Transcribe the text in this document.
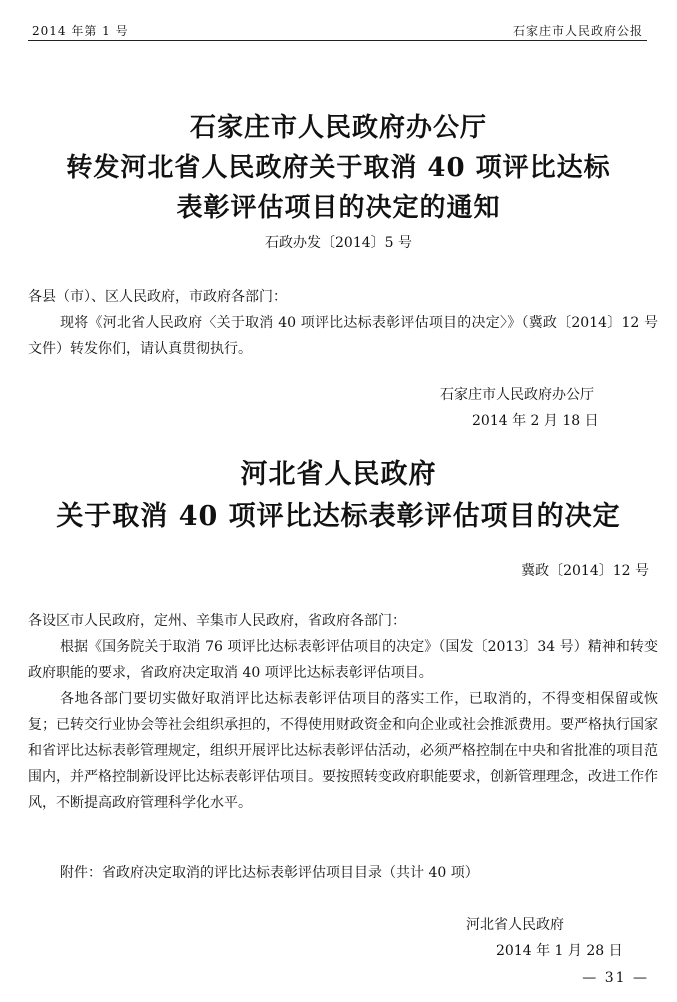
2014 年第 1 号	石家庄市人民政府公报
石家庄市人民政府办公厅
转发河北省人民政府关于取消 40 项评比达标
表彰评估项目的决定的通知
石政办发〔2014〕5 号
各县（市）、区人民政府，市政府各部门：
现将《河北省人民政府〈关于取消 40 项评比达标表彰评估项目的决定〉》（冀政〔2014〕12 号文件）转发你们，请认真贯彻执行。
石家庄市人民政府办公厅
2014 年 2 月 18 日
河北省人民政府
关于取消 40 项评比达标表彰评估项目的决定
冀政〔2014〕12 号
各设区市人民政府，定州、辛集市人民政府，省政府各部门：
根据《国务院关于取消 76 项评比达标表彰评估项目的决定》（国发〔2013〕34 号）精神和转变政府职能的要求，省政府决定取消 40 项评比达标表彰评估项目。
各地各部门要切实做好取消评比达标表彰评估项目的落实工作，已取消的，不得变相保留或恢复；已转交行业协会等社会组织承担的，不得使用财政资金和向企业或社会推派费用。要严格执行国家和省评比达标表彰管理规定，组织开展评比达标表彰评估活动，必须严格控制在中央和省批准的项目范围内，并严格控制新设评比达标表彰评估项目。要按照转变政府职能要求，创新管理理念，改进工作作风，不断提高政府管理科学化水平。
附件：省政府决定取消的评比达标表彰评估项目目录（共计 40 项）
河北省人民政府
2014 年 1 月 28 日
— 31 —
